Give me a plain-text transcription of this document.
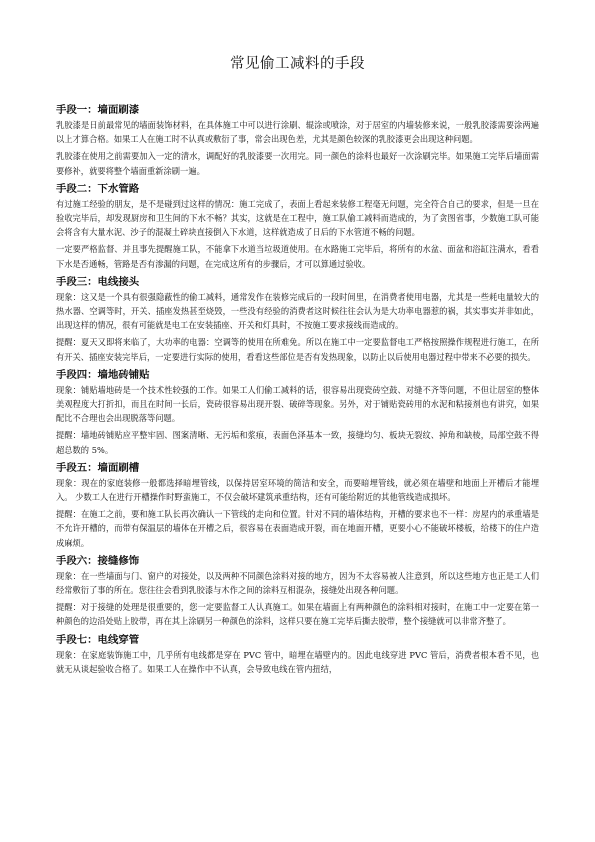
常见偷工减料的手段
手段一：墙面刷漆

乳胶漆是日前最常见的墙面装饰材料，在具体施工中可以进行涂刷、辊涂或喷涂，对于居室的内墙装修来说，一般乳胶漆需要涂两遍以上才算合格。如果工人在施工时不认真或敷衍了事，常会出现色差，尤其是颜色较深的乳胶漆更会出现这种问题。

乳胶漆在使用之前需要加入一定的清水，调配好的乳胶漆要一次用完。同一颜色的涂料也最好一次涂刷完毕。如果施工完毕后墙面需要修补，就要将整个墙面重新涂刷一遍。

手段二：下水管路

有过施工经验的朋友，是不是碰到过这样的情况：施工完成了，表面上看起来装修工程毫无问题，完全符合自己的要求，但是一旦在验收完毕后，却发现厨房和卫生间的下水不畅？其实，这就是在工程中，施工队偷工减料而造成的，为了贪图省事，少数施工队可能会将含有大量水泥、沙子的混凝土碎块直接倒入下水道，这样就造成了日后的下水管道不畅的问题。

一定要严格监督、并且事先提醒施工队，不能拿下水道当垃圾道使用。在水路施工完毕后，将所有的水盆、面盆和浴缸注满水，看看下水是否通畅，管路是否有渗漏的问题，在完成这所有的步骤后，才可以算通过验收。

手段三：电线接头

现象：这又是一个具有很强隐蔽性的偷工减料，通常发作在装修完成后的一段时间里，在消费者使用电器，尤其是一些耗电量较大的热水器、空调等时，开关、插座发热甚至烧毁，一些没有经验的消费者这时候往往会认为是大功率电器惹的祸，其实事实并非如此，出现这样的情况，很有可能就是电工在安装插座、开关和灯具时，不按施工要求接线而造成的。

提醒：夏天又即将来临了，大功率的电器：空调等的使用在所难免。所以在施工中一定要监督电工严格按照操作规程进行施工，在所有开关、插座安装完毕后，一定要进行实际的使用，看看这些部位是否有发热现象，以防止以后使用电器过程中带来不必要的损失。

手段四：墙地砖铺贴

现象：铺贴墙地砖是一个技术性较强的工作。如果工人们偷工减料的话，很容易出现瓷砖空鼓、对缝不齐等问题，不但让居室的整体美观程度大打折扣，而且在时间一长后，瓷砖很容易出现开裂、破碎等现象。另外，对于铺贴瓷砖用的水泥和粘接剂也有讲究，如果配比不合理也会出现脱落等问题。

提醒：墙地砖铺贴应平整牢固、图案清晰、无污垢和浆痕，表面色泽基本一致，接缝均匀、板块无裂纹、掉角和缺棱，局部空鼓不得超总数的 5%。

手段五：墙面刷槽

现象：现在的家庭装修一般都选择暗埋管线，以保持居室环境的简洁和安全，而要暗埋管线，就必须在墙壁和地面上开槽后才能埋入。 少数工人在进行开槽操作时野蛮施工，不仅会破坏建筑承重结构，还有可能给附近的其他管线造成损坏。

提醒：在施工之前，要和施工队长再次确认一下管线的走向和位置。针对不同的墙体结构，开槽的要求也不一样：房屋内的承重墙是不允许开槽的，而带有保温层的墙体在开槽之后，很容易在表面造成开裂，而在地面开槽，更要小心不能破坏楼板，给楼下的住户造成麻烦。

手段六：接缝修饰

现象：在一些墙面与门、窗户的对接处，以及两种不同颜色涂料对接的地方，因为不太容易被人注意到，所以这些地方也正是工人们经常敷衍了事的所在。您往往会看到乳胶漆与木作之间的涂料互相混杂，接缝处出现各种问题。

提醒：对于接缝的处理是很重要的，您一定要监督工人认真施工。如果在墙面上有两种颜色的涂料相对接时，在施工中一定要在第一种颜色的边沿处贴上胶带，再在其上涂刷另一种颜色的涂料，这样只要在施工完毕后撕去胶带，整个接缝就可以非常齐整了。

手段七：电线穿管

现象：在家庭装饰施工中，几乎所有电线都是穿在 PVC 管中，暗埋在墙壁内的。因此电线穿进 PVC 管后，消费者根本看不见，也就无从谈起验收合格了。如果工人在操作中不认真，会导致电线在管内扭结，
